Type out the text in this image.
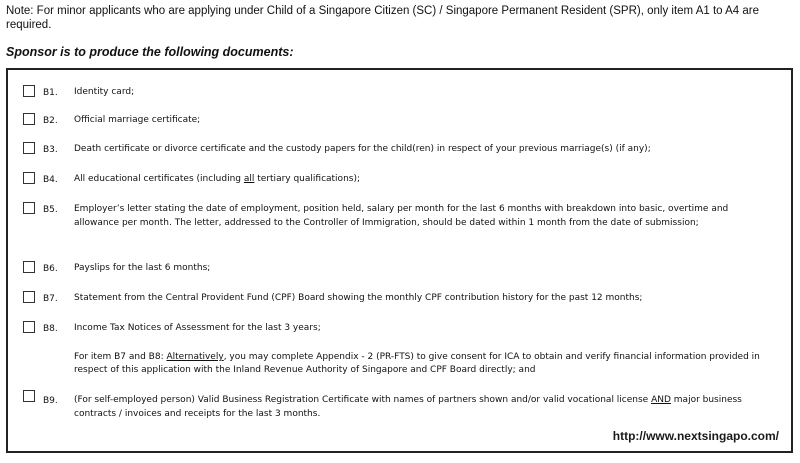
Note: For minor applicants who are applying under Child of a Singapore Citizen (SC) / Singapore Permanent Resident (SPR), only item A1 to A4 are required.
Sponsor is to produce the following documents:
B1. Identity card;
B2. Official marriage certificate;
B3. Death certificate or divorce certificate and the custody papers for the child(ren) in respect of your previous marriage(s) (if any);
B4. All educational certificates (including all tertiary qualifications);
B5. Employer’s letter stating the date of employment, position held, salary per month for the last 6 months with breakdown into basic, overtime and allowance per month. The letter, addressed to the Controller of Immigration, should be dated within 1 month from the date of submission;
B6. Payslips for the last 6 months;
B7. Statement from the Central Provident Fund (CPF) Board showing the monthly CPF contribution history for the past 12 months;
B8. Income Tax Notices of Assessment for the last 3 years;
For item B7 and B8: Alternatively, you may complete Appendix - 2 (PR-FTS) to give consent for ICA to obtain and verify financial information provided in respect of this application with the Inland Revenue Authority of Singapore and CPF Board directly; and
B9. (For self-employed person) Valid Business Registration Certificate with names of partners shown and/or valid vocational license AND major business contracts / invoices and receipts for the last 3 months.
http://www.nextsingapo.com/
